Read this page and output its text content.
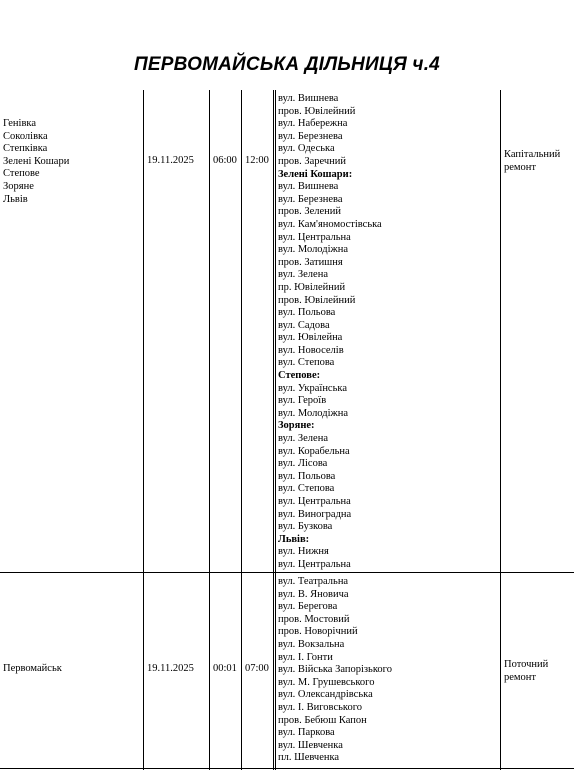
ПЕРВОМАЙСЬКА ДІЛЬНИЦЯ ч.4
Генівка
Соколівка
Степківка
Зелені Кошари
Степове
Зоряне
Львів
19.11.2025 06:00 12:00
вул. Вишнева
пров. Ювілейний
вул. Набережна
вул. Березнева
вул. Одеська
пров. Заречний
Зелені Кошари:
вул. Вишнева
вул. Березнева
пров. Зелений
вул. Кам'яномостівська
вул. Центральна
вул. Молодіжна
пров. Затишня
вул. Зелена
пр. Ювілейний
пров. Ювілейний
вул. Польова
вул. Садова
вул. Ювілейна
вул. Новоселів
вул. Степова
Степове:
вул. Українська
вул. Героїв
вул. Молодіжна
Зоряне:
вул. Зелена
вул. Корабельна
вул. Лісова
вул. Польова
вул. Степова
вул. Центральна
вул. Виноградна
вул. Бузкова
Львів:
вул. Нижня
вул. Центральна
Капітальний
ремонт
Первомайськ	19.11.2025 00:01 07:00
вул. Театральна
вул. В. Яновича
вул. Берегова
пров. Мостовий
пров. Новорічний
вул. Вокзальна
вул. І. Гонти
вул. Війська Запорізького
вул. М. Грушевського
вул. Олександрівська
вул. І. Виговського
пров. Бебюш Капон
вул. Паркова
вул. Шевченка
пл. Шевченка
Поточний
ремонт
